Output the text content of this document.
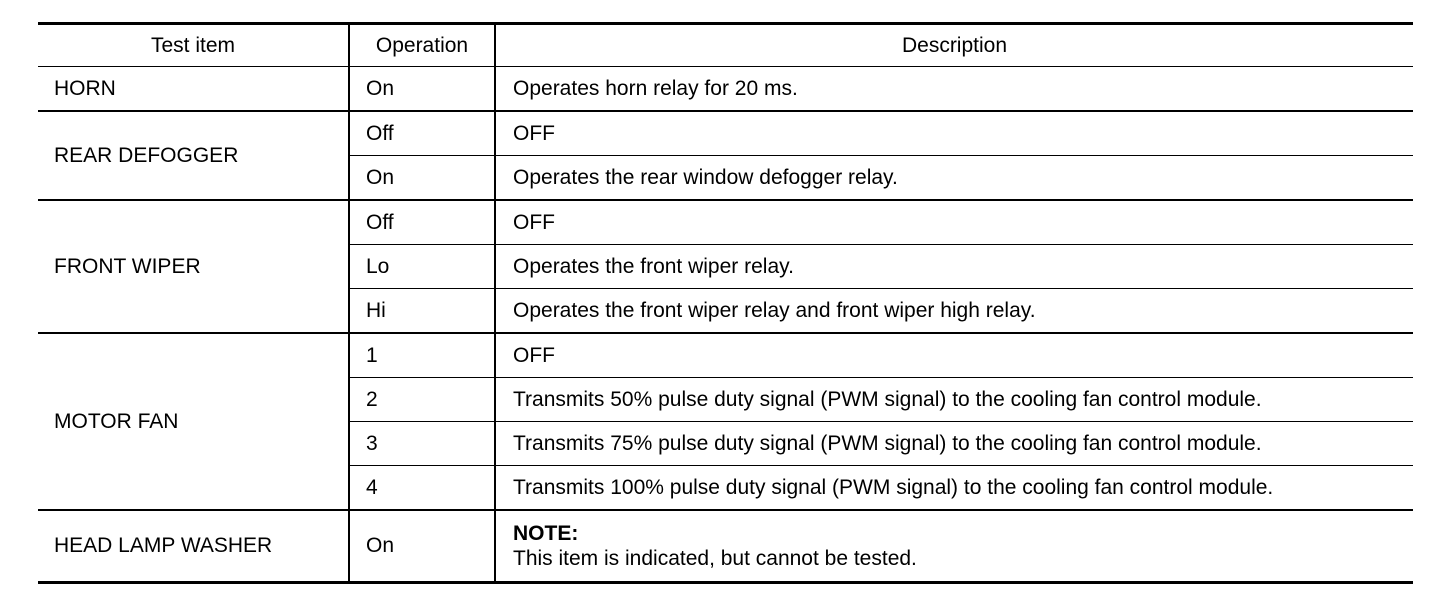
Test item	Operation	Description
HORN	On	Operates horn relay for 20 ms.
REAR DEFOGGER	Off	OFF
	On	Operates the rear window defogger relay.
FRONT WIPER	Off	OFF
	Lo	Operates the front wiper relay.
	Hi	Operates the front wiper relay and front wiper high relay.
MOTOR FAN	1	OFF
	2	Transmits 50% pulse duty signal (PWM signal) to the cooling fan control module.
	3	Transmits 75% pulse duty signal (PWM signal) to the cooling fan control module.
	4	Transmits 100% pulse duty signal (PWM signal) to the cooling fan control module.
HEAD LAMP WASHER	On	NOTE:
This item is indicated, but cannot be tested.
